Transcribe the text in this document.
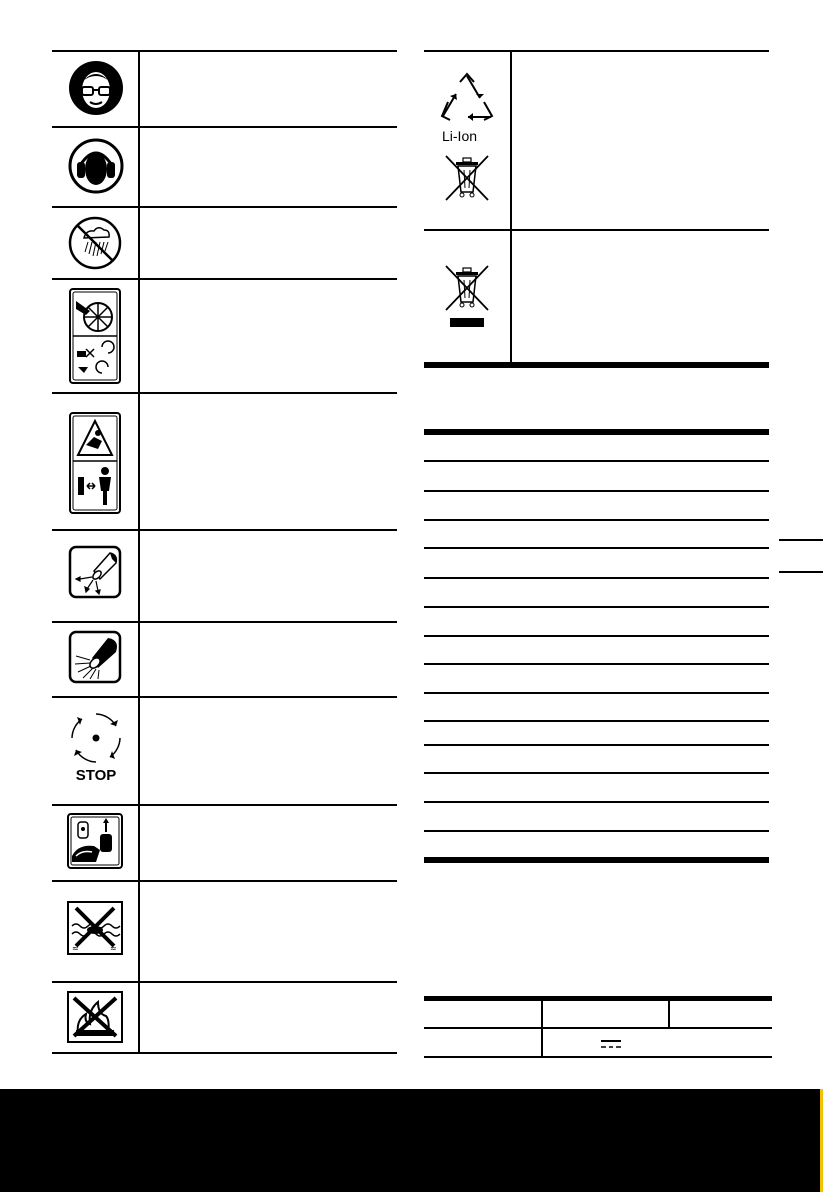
STOP
≈	≈
Li-Ion
